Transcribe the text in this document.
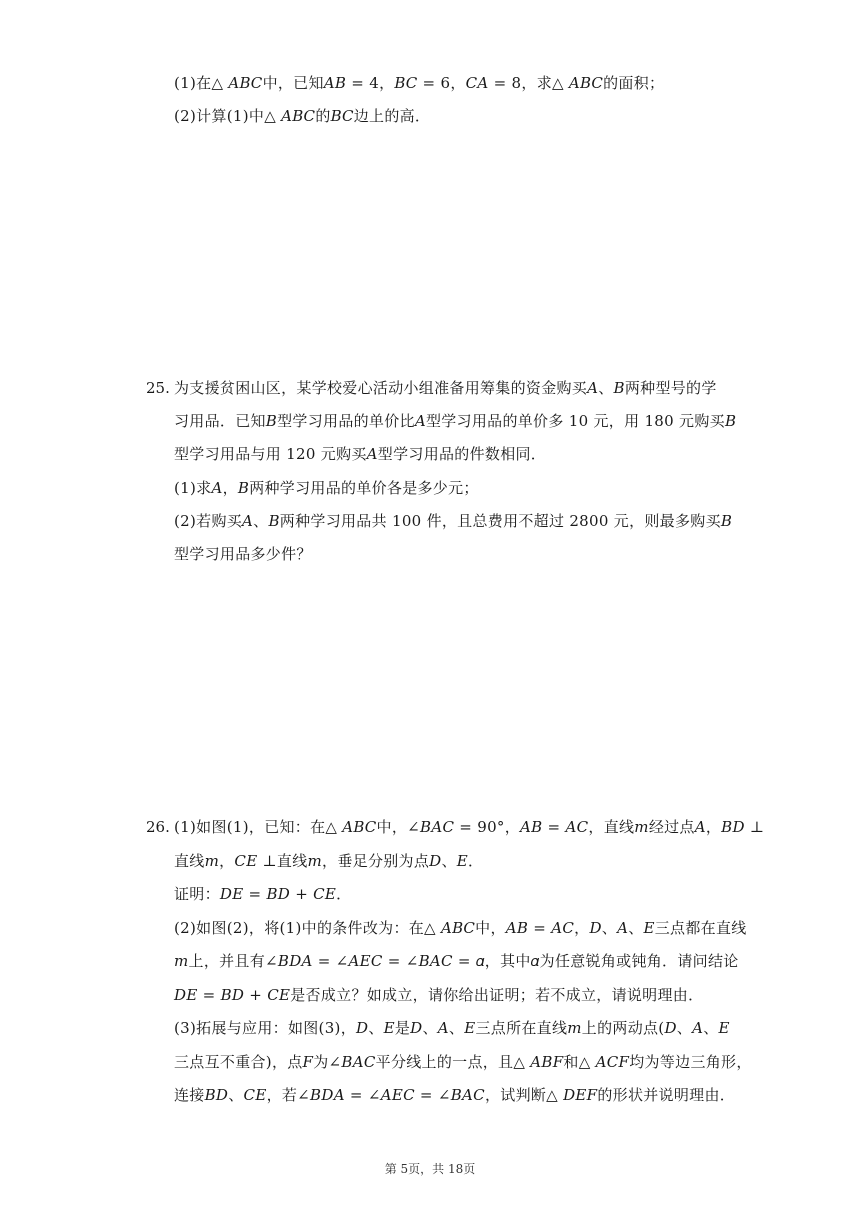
(1)在△ 𝐴𝐵𝐶中，已知𝐴𝐵 = 4，𝐵𝐶 = 6，𝐶𝐴 = 8，求△ 𝐴𝐵𝐶的面积；
(2)计算(1)中△ 𝐴𝐵𝐶的𝐵𝐶边上的高．
25. 为支援贫困山区，某学校爱心活动小组准备用筹集的资金购买𝐴、𝐵两种型号的学
习用品．已知𝐵型学习用品的单价比𝐴型学习用品的单价多 10 元，用 180 元购买𝐵
型学习用品与用 120 元购买𝐴型学习用品的件数相同．
(1)求𝐴，𝐵两种学习用品的单价各是多少元；
(2)若购买𝐴、𝐵两种学习用品共 100 件，且总费用不超过 2800 元，则最多购买𝐵
型学习用品多少件？
26. (1)如图(1)，已知：在△ 𝐴𝐵𝐶中，∠𝐵𝐴𝐶 = 90°，𝐴𝐵 = 𝐴𝐶，直线𝑚经过点𝐴，𝐵𝐷 ⊥
直线𝑚，𝐶𝐸 ⊥直线𝑚，垂足分别为点𝐷、𝐸．
证明：𝐷𝐸 = 𝐵𝐷 + 𝐶𝐸．
(2)如图(2)，将(1)中的条件改为：在△ 𝐴𝐵𝐶中，𝐴𝐵 = 𝐴𝐶，𝐷、𝐴、𝐸三点都在直线
𝑚上，并且有∠𝐵𝐷𝐴 = ∠𝐴𝐸𝐶 = ∠𝐵𝐴𝐶 = 𝛼，其中𝛼为任意锐角或钝角．请问结论
𝐷𝐸 = 𝐵𝐷 + 𝐶𝐸是否成立？如成立，请你给出证明；若不成立，请说明理由．
(3)拓展与应用：如图(3)，𝐷、𝐸是𝐷、𝐴、𝐸三点所在直线𝑚上的两动点(𝐷、𝐴、𝐸
三点互不重合)，点𝐹为∠𝐵𝐴𝐶平分线上的一点，且△ 𝐴𝐵𝐹和△ 𝐴𝐶𝐹均为等边三角形，
连接𝐵𝐷、𝐶𝐸，若∠𝐵𝐷𝐴 = ∠𝐴𝐸𝐶 = ∠𝐵𝐴𝐶，试判断△ 𝐷𝐸𝐹的形状并说明理由．
第 5页，共 18页
